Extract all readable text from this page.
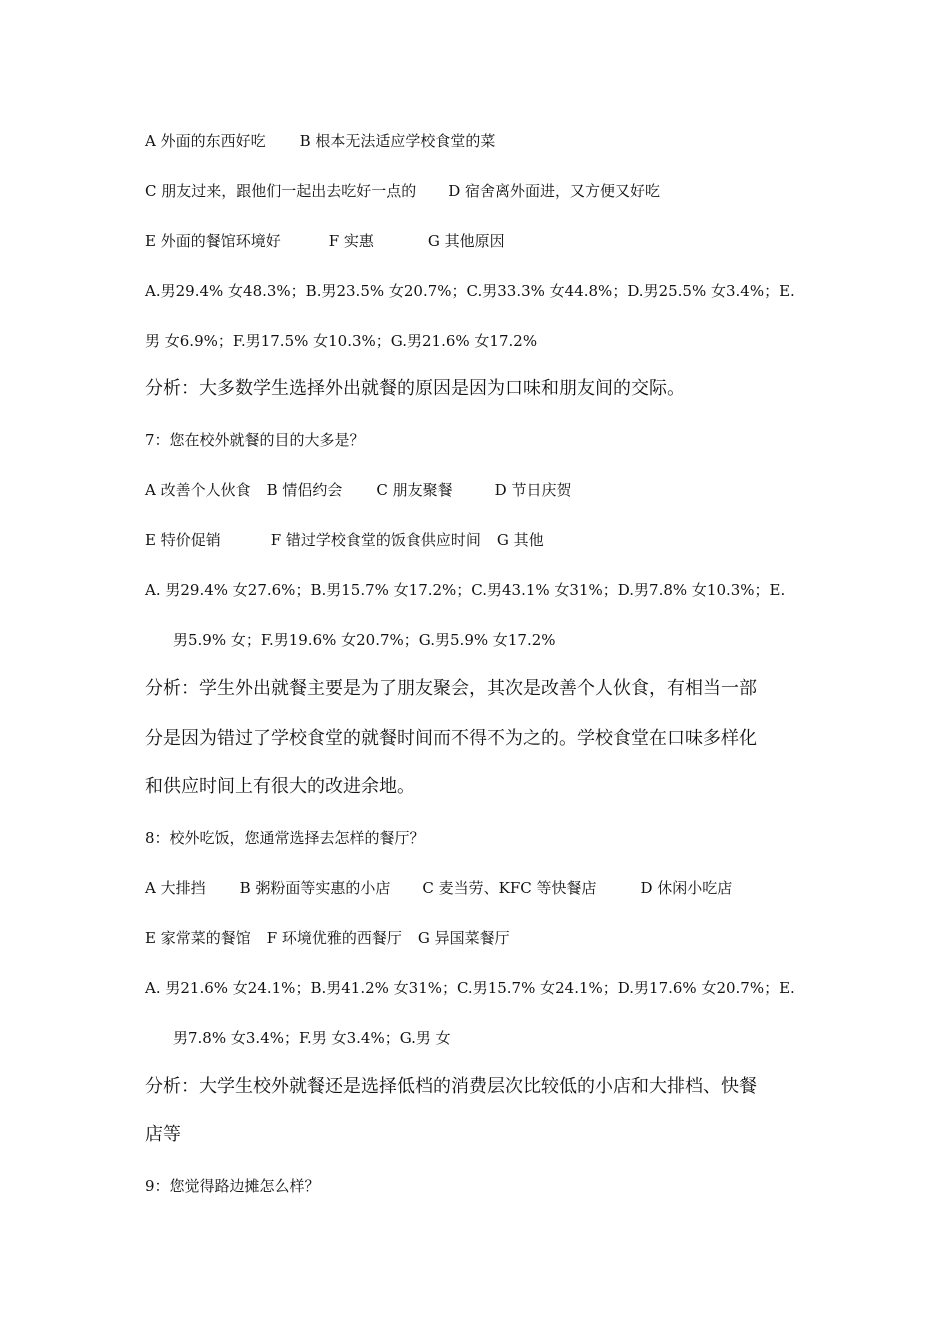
A 外面的东西好吃 B 根本无法适应学校食堂的菜
C 朋友过来，跟他们一起出去吃好一点的 D 宿舍离外面进，又方便又好吃
E 外面的餐馆环境好	F 实惠	G 其他原因
A.男29.4% 女48.3%；B.男23.5% 女20.7%；C.男33.3% 女44.8%；D.男25.5% 女3.4%；E.
男 女6.9%；F.男17.5% 女10.3%；G.男21.6% 女17.2%
分析：大多数学生选择外出就餐的原因是因为口味和朋友间的交际。
7：您在校外就餐的目的大多是？
A 改善个人伙食 B 情侣约会 C 朋友聚餐	D 节日庆贺
E 特价促销	F 错过学校食堂的饭食供应时间 G 其他
A. 男29.4% 女27.6%；B.男15.7% 女17.2%；C.男43.1% 女31%；D.男7.8% 女10.3%；E.
男5.9% 女；F.男19.6% 女20.7%；G.男5.9% 女17.2%
分析：学生外出就餐主要是为了朋友聚会，其次是改善个人伙食，有相当一部
分是因为错过了学校食堂的就餐时间而不得不为之的。学校食堂在口味多样化
和供应时间上有很大的改进余地。
8：校外吃饭，您通常选择去怎样的餐厅？
A 大排挡 B 粥粉面等实惠的小店 C 麦当劳、KFC 等快餐店	D 休闲小吃店
E 家常菜的餐馆 F 环境优雅的西餐厅 G 异国菜餐厅
A. 男21.6% 女24.1%；B.男41.2% 女31%；C.男15.7% 女24.1%；D.男17.6% 女20.7%；E.
男7.8% 女3.4%；F.男 女3.4%；G.男 女
分析：大学生校外就餐还是选择低档的消费层次比较低的小店和大排档、快餐
店等
9：您觉得路边摊怎么样？
